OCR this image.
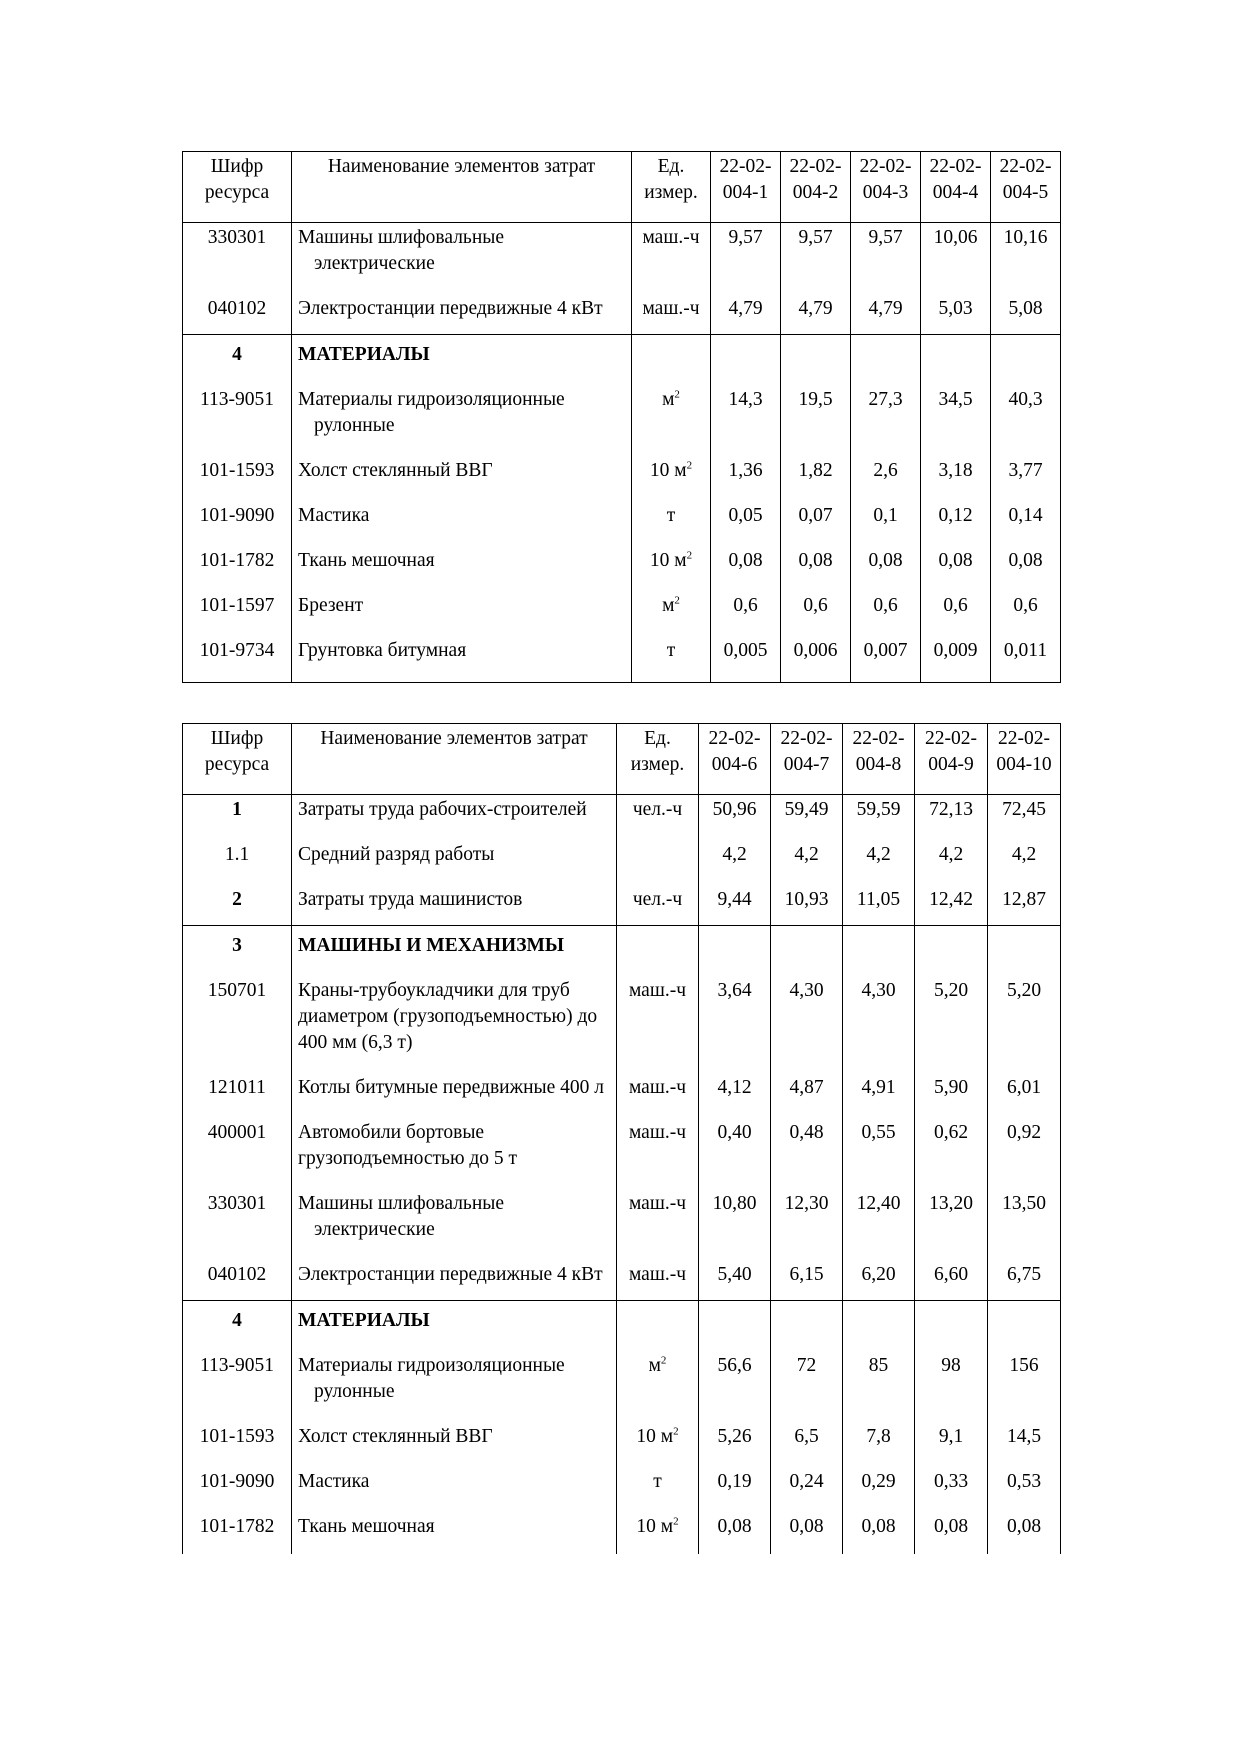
Шифр ресурса	Наименование элементов затрат	Ед. измер.	22-02-004-1	22-02-004-2	22-02-004-3	22-02-004-4	22-02-004-5
330301	Машины шлифовальные электрические	маш.-ч	9,57	9,57	9,57	10,06	10,16
040102	Электростанции передвижные 4 кВт	маш.-ч	4,79	4,79	4,79	5,03	5,08
4	МАТЕРИАЛЫ						
113-9051	Материалы гидроизоляционные рулонные	$м^2$	14,3	19,5	27,3	34,5	40,3
101-1593	Холст стеклянный ВВГ	10 $м^2$	1,36	1,82	2,6	3,18	3,77
101-9090	Мастика	т	0,05	0,07	0,1	0,12	0,14
101-1782	Ткань мешочная	10 $м^2$	0,08	0,08	0,08	0,08	0,08
101-1597	Брезент	$м^2$	0,6	0,6	0,6	0,6	0,6
101-9734	Грунтовка битумная	т	0,005	0,006	0,007	0,009	0,011
Шифр ресурса	Наименование элементов затрат	Ед. измер.	22-02-004-6	22-02-004-7	22-02-004-8	22-02-004-9	22-02-004-10
1	Затраты труда рабочих-строителей	чел.-ч	50,96	59,49	59,59	72,13	72,45
1.1	Средний разряд работы		4,2	4,2	4,2	4,2	4,2
2	Затраты труда машинистов	чел.-ч	9,44	10,93	11,05	12,42	12,87
3	МАШИНЫ И МЕХАНИЗМЫ						
150701	Краны-трубоукладчики для труб диаметром (грузоподъемностью) до 400 мм (6,3 т)	маш.-ч	3,64	4,30	4,30	5,20	5,20
121011	Котлы битумные передвижные 400 л	маш.-ч	4,12	4,87	4,91	5,90	6,01
400001	Автомобили бортовые грузоподъемностью до 5 т	маш.-ч	0,40	0,48	0,55	0,62	0,92
330301	Машины шлифовальные электрические	маш.-ч	10,80	12,30	12,40	13,20	13,50
040102	Электростанции передвижные 4 кВт	маш.-ч	5,40	6,15	6,20	6,60	6,75
4	МАТЕРИАЛЫ						
113-9051	Материалы гидроизоляционные рулонные	$м^2$	56,6	72	85	98	156
101-1593	Холст стеклянный ВВГ	10 $м^2$	5,26	6,5	7,8	9,1	14,5
101-9090	Мастика	т	0,19	0,24	0,29	0,33	0,53
101-1782	Ткань мешочная	10 $м^2$	0,08	0,08	0,08	0,08	0,08
